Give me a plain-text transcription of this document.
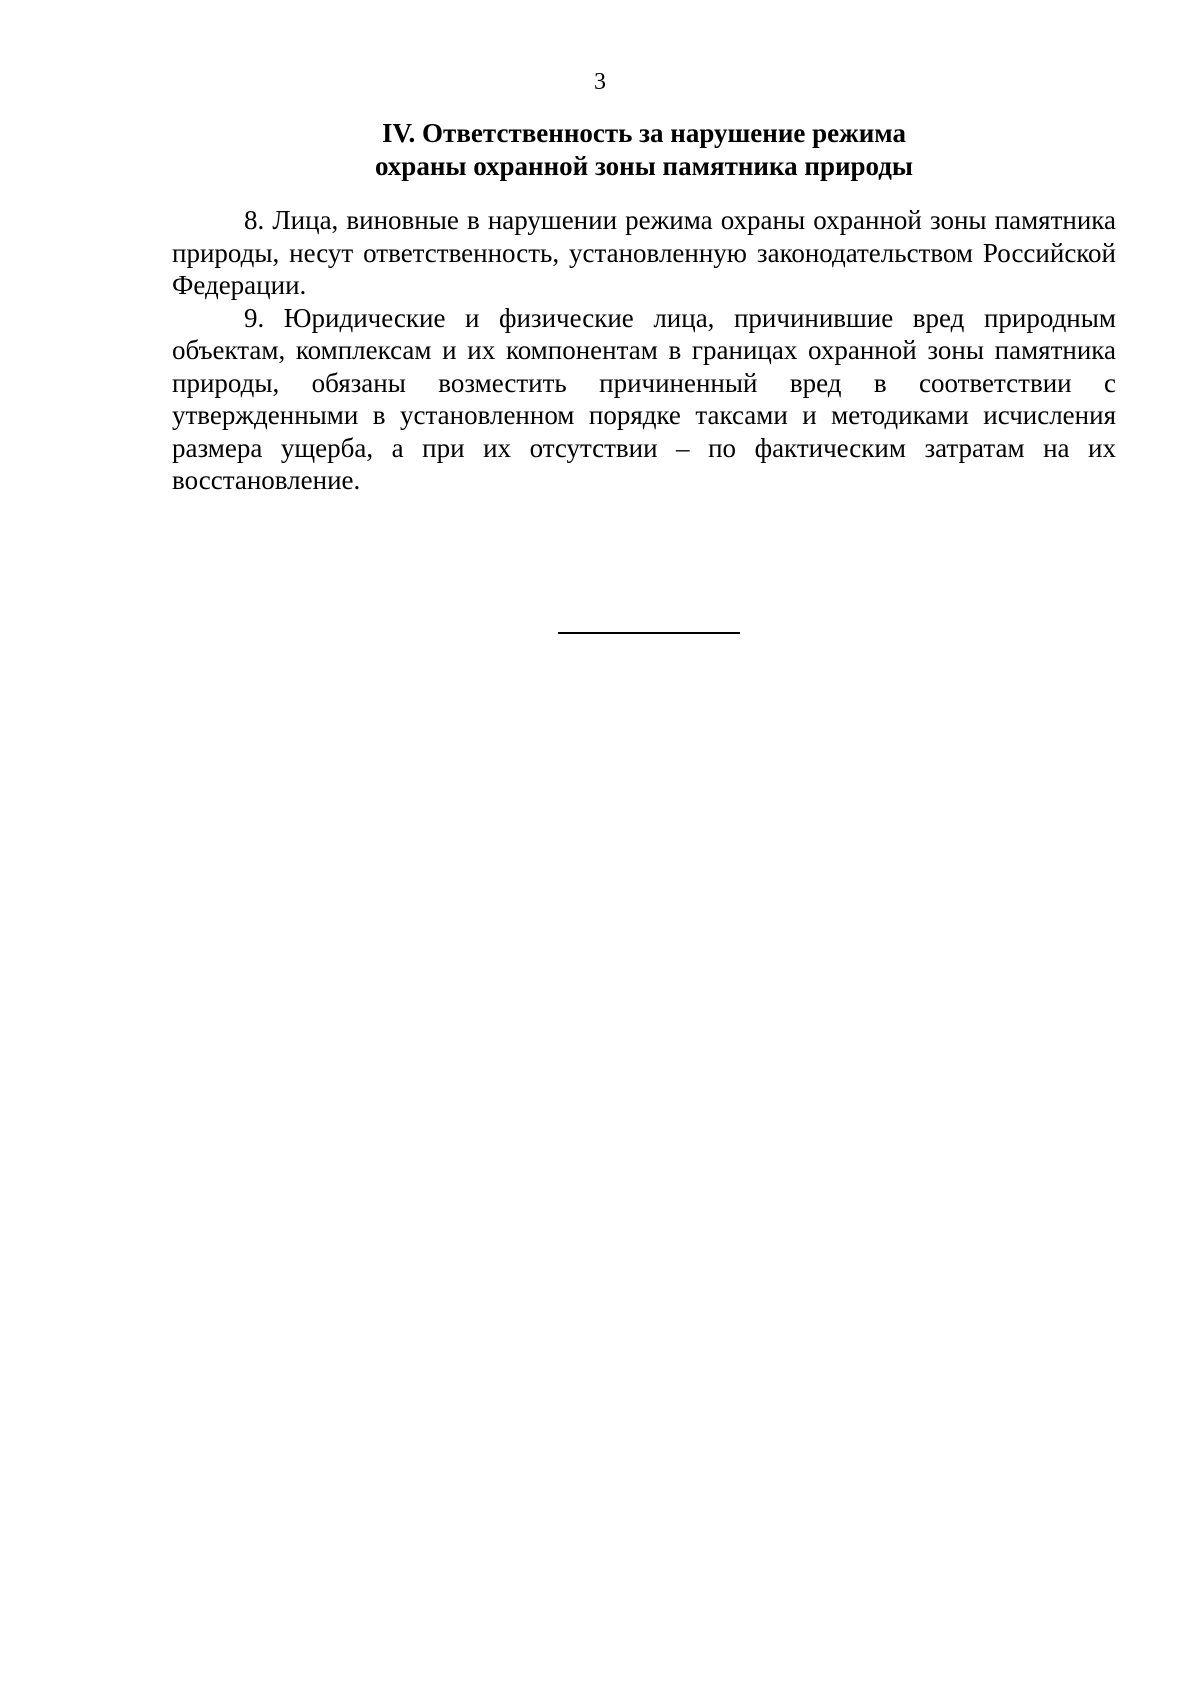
3
IV. Ответственность за нарушение режима
охраны охранной зоны памятника природы

8. Лица, виновные в нарушении режима охраны охранной зоны памятника природы, несут ответственность, установленную законодательством Российской Федерации.

9. Юридические и физические лица, причинившие вред природным объектам, комплексам и их компонентам в границах охранной зоны памятника природы, обязаны возместить причиненный вред в соответствии с утвержденными в установленном порядке таксами и методиками исчисления размера ущерба, а при их отсутствии – по фактическим затратам на их восстановление.
